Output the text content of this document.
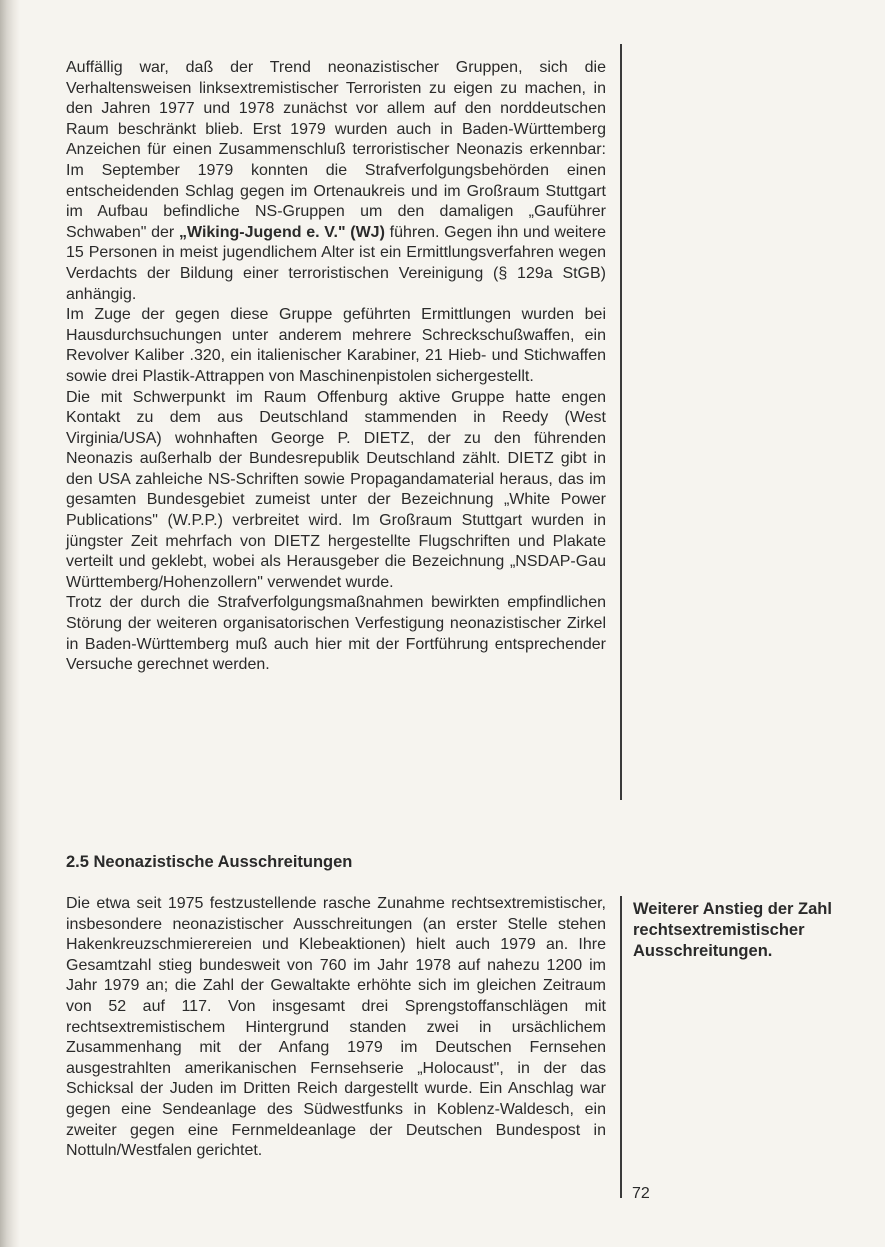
Auffällig war, daß der Trend neonazistischer Gruppen, sich die Verhaltensweisen linksextremistischer Terroristen zu eigen zu machen, in den Jahren 1977 und 1978 zunächst vor allem auf den norddeutschen Raum beschränkt blieb. Erst 1979 wurden auch in Baden-Württemberg Anzeichen für einen Zusammenschluß terroristischer Neonazis erkennbar: Im September 1979 konnten die Strafverfolgungsbehörden einen entscheidenden Schlag gegen im Ortenaukreis und im Großraum Stuttgart im Aufbau befindliche NS-Gruppen um den damaligen „Gauführer Schwaben" der „Wiking-Jugend e. V." (WJ) führen. Gegen ihn und weitere 15 Personen in meist jugendlichem Alter ist ein Ermittlungsverfahren wegen Verdachts der Bildung einer terroristischen Vereinigung (§ 129a StGB) anhängig.

Im Zuge der gegen diese Gruppe geführten Ermittlungen wurden bei Hausdurchsuchungen unter anderem mehrere Schreckschußwaffen, ein Revolver Kaliber .320, ein italienischer Karabiner, 21 Hieb- und Stichwaffen sowie drei Plastik-Attrappen von Maschinenpistolen sichergestellt.

Die mit Schwerpunkt im Raum Offenburg aktive Gruppe hatte engen Kontakt zu dem aus Deutschland stammenden in Reedy (West Virginia/USA) wohnhaften George P. DIETZ, der zu den führenden Neonazis außerhalb der Bundesrepublik Deutschland zählt. DIETZ gibt in den USA zahleiche NS-Schriften sowie Propagandamaterial heraus, das im gesamten Bundesgebiet zumeist unter der Bezeichnung „White Power Publications" (W.P.P.) verbreitet wird. Im Großraum Stuttgart wurden in jüngster Zeit mehrfach von DIETZ hergestellte Flugschriften und Plakate verteilt und geklebt, wobei als Herausgeber die Bezeichnung „NSDAP-Gau Württemberg/Hohenzollern" verwendet wurde.

Trotz der durch die Strafverfolgungsmaßnahmen bewirkten empfindlichen Störung der weiteren organisatorischen Verfestigung neonazistischer Zirkel in Baden-Württemberg muß auch hier mit der Fortführung entsprechender Versuche gerechnet werden.

2.5 Neonazistische Ausschreitungen

Die etwa seit 1975 festzustellende rasche Zunahme rechtsextremistischer, insbesondere neonazistischer Ausschreitungen (an erster Stelle stehen Hakenkreuzschmierereien und Klebeaktionen) hielt auch 1979 an. Ihre Gesamtzahl stieg bundesweit von 760 im Jahr 1978 auf nahezu 1200 im Jahr 1979 an; die Zahl der Gewaltakte erhöhte sich im gleichen Zeitraum von 52 auf 117. Von insgesamt drei Sprengstoffanschlägen mit rechtsextremistischem Hintergrund standen zwei in ursächlichem Zusammenhang mit der Anfang 1979 im Deutschen Fernsehen ausgestrahlten amerikanischen Fernsehserie „Holocaust", in der das Schicksal der Juden im Dritten Reich dargestellt wurde. Ein Anschlag war gegen eine Sendeanlage des Südwestfunks in Koblenz-Waldesch, ein zweiter gegen eine Fernmeldeanlage der Deutschen Bundespost in Nottuln/Westfalen gerichtet.

Weiterer Anstieg der Zahl rechtsextremistischer Ausschreitungen.

72
